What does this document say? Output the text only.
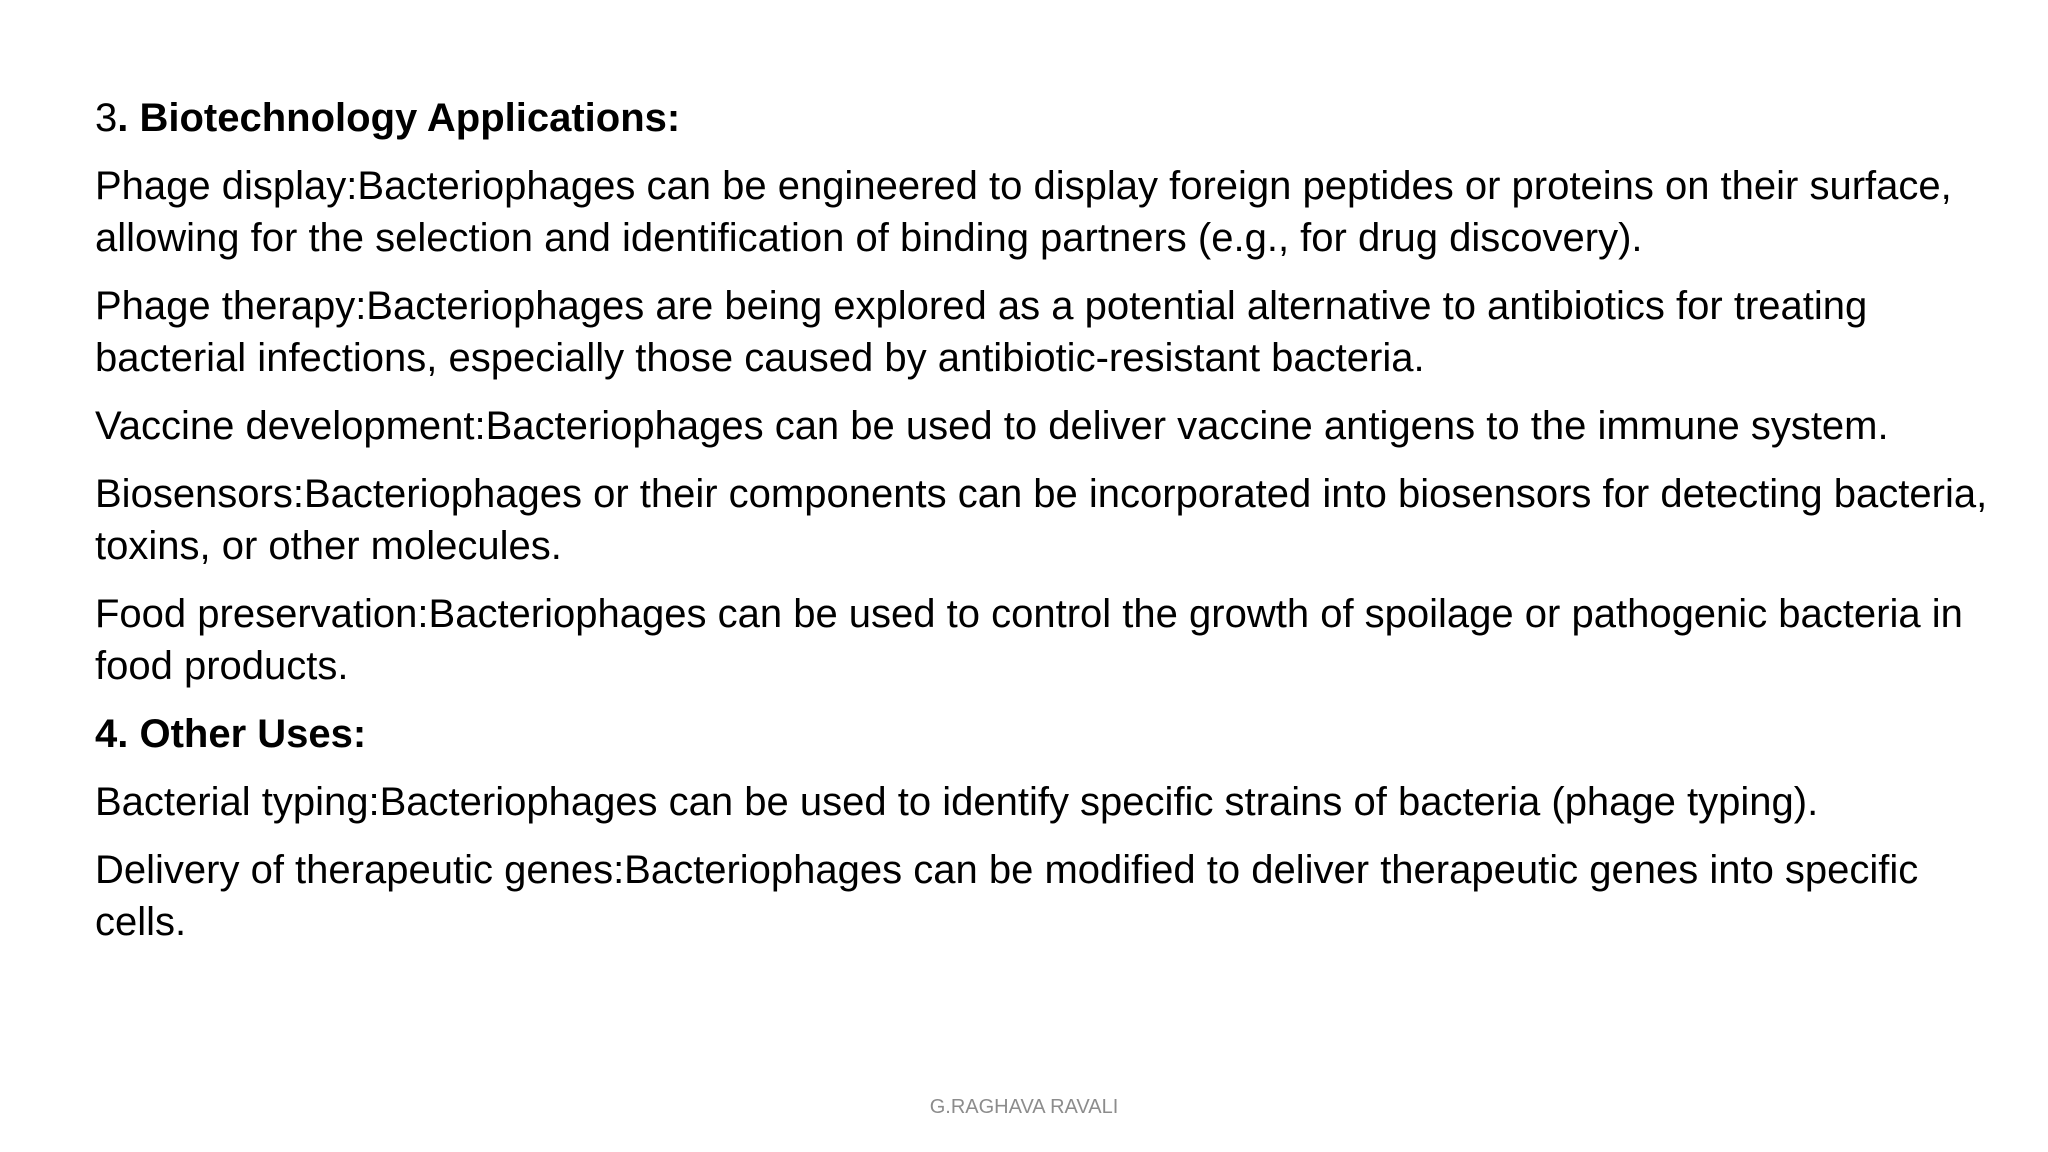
3. Biotechnology Applications:

Phage display:Bacteriophages can be engineered to display foreign peptides or proteins on their surface, allowing for the selection and identification of binding partners (e.g., for drug discovery).

Phage therapy:Bacteriophages are being explored as a potential alternative to antibiotics for treating bacterial infections, especially those caused by antibiotic-resistant bacteria.

Vaccine development:Bacteriophages can be used to deliver vaccine antigens to the immune system.

Biosensors:Bacteriophages or their components can be incorporated into biosensors for detecting bacteria, toxins, or other molecules.

Food preservation:Bacteriophages can be used to control the growth of spoilage or pathogenic bacteria in food products.

4. Other Uses:

Bacterial typing:Bacteriophages can be used to identify specific strains of bacteria (phage typing).

Delivery of therapeutic genes:Bacteriophages can be modified to deliver therapeutic genes into specific cells.

G.RAGHAVA RAVALI
